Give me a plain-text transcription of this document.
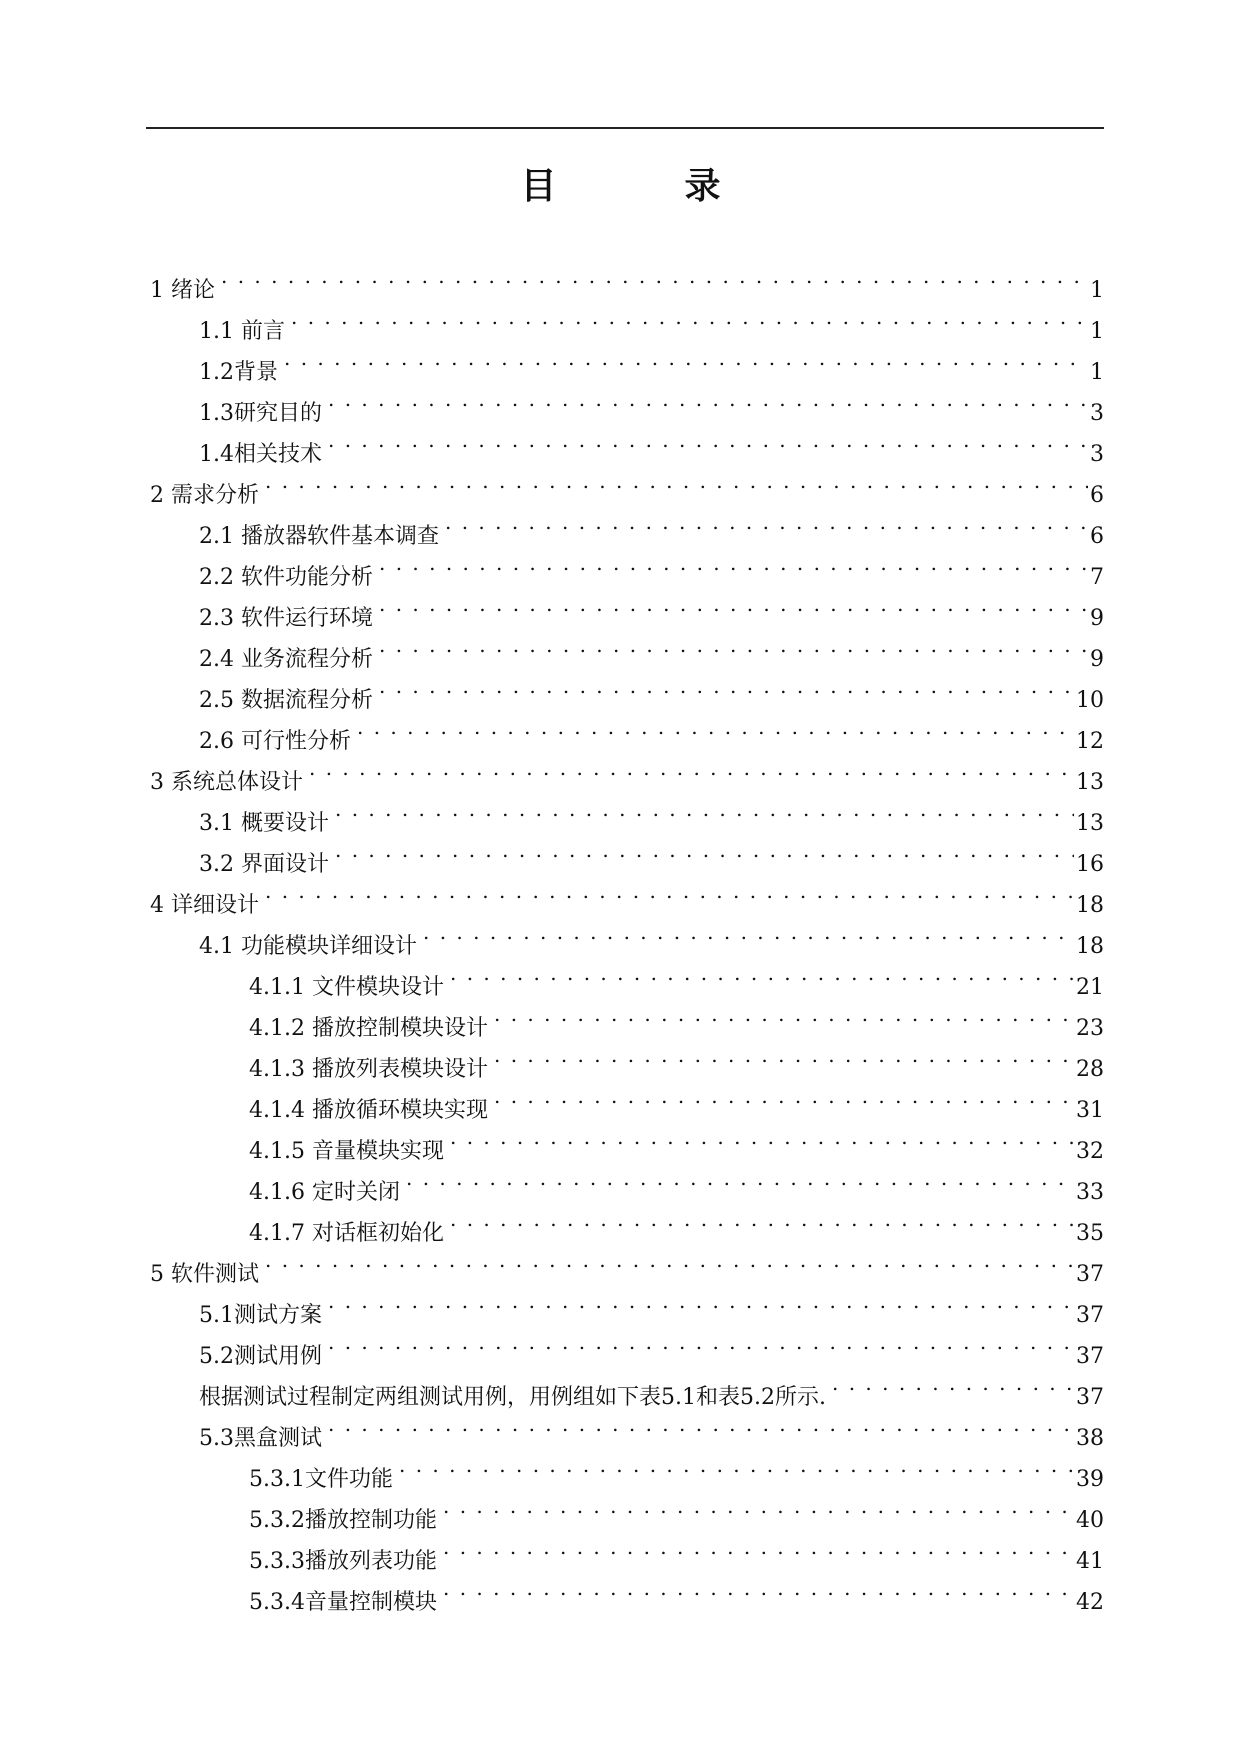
目　录
1 绪论 . . .	1
1.1 前言 . . .	1
1.2背景 . . .	1
1.3研究目的 . . .	3
1.4相关技术 . . .	3
2 需求分析 . . .	6
2.1 播放器软件基本调查 . . .	6
2.2 软件功能分析 . . .	7
2.3 软件运行环境 . . .	9
2.4 业务流程分析 . . .	9
2.5 数据流程分析 . . .	10
2.6 可行性分析 . . .	12
3 系统总体设计 . . .	13
3.1 概要设计 . . .	13
3.2 界面设计 . . .	16
4 详细设计 . . .	18
4.1 功能模块详细设计 . . .	18
4.1.1 文件模块设计 . . .	21
4.1.2 播放控制模块设计 . . .	23
4.1.3 播放列表模块设计 . . .	28
4.1.4 播放循环模块实现 . . .	31
4.1.5 音量模块实现 . . .	32
4.1.6 定时关闭 . . .	33
4.1.7 对话框初始化 . . .	35
5 软件测试 . . .	37
5.1测试方案 . . .	37
5.2测试用例 . . .	37
根据测试过程制定两组测试用例，用例组如下表5.1和表5.2所示. . . .	37
5.3黑盒测试 . . .	38
5.3.1文件功能 . . .	39
5.3.2播放控制功能 . . .	40
5.3.3播放列表功能 . . .	41
5.3.4音量控制模块 . . .	42
